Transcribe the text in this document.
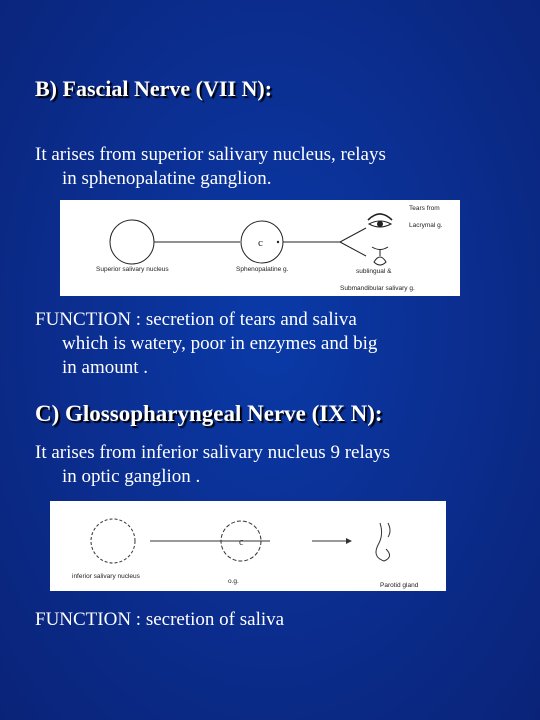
B) Fascial Nerve (VII N):

It arises from superior salivary nucleus, relays
in sphenopalatine ganglion.

c
Tears from
Lacrymal g.
Superior salivary nucleus	Sphenopalatine g.	sublingual &
Submandibular salivary g.

FUNCTION : secretion of tears and saliva
which is watery, poor in enzymes and big
in amount .

C) Glossopharyngeal Nerve (IX N):

It arises from inferior salivary nucleus 9 relays
in optic ganglion .

c
inferior salivary nucleus
o.g.
Parotid gland

FUNCTION : secretion of saliva
